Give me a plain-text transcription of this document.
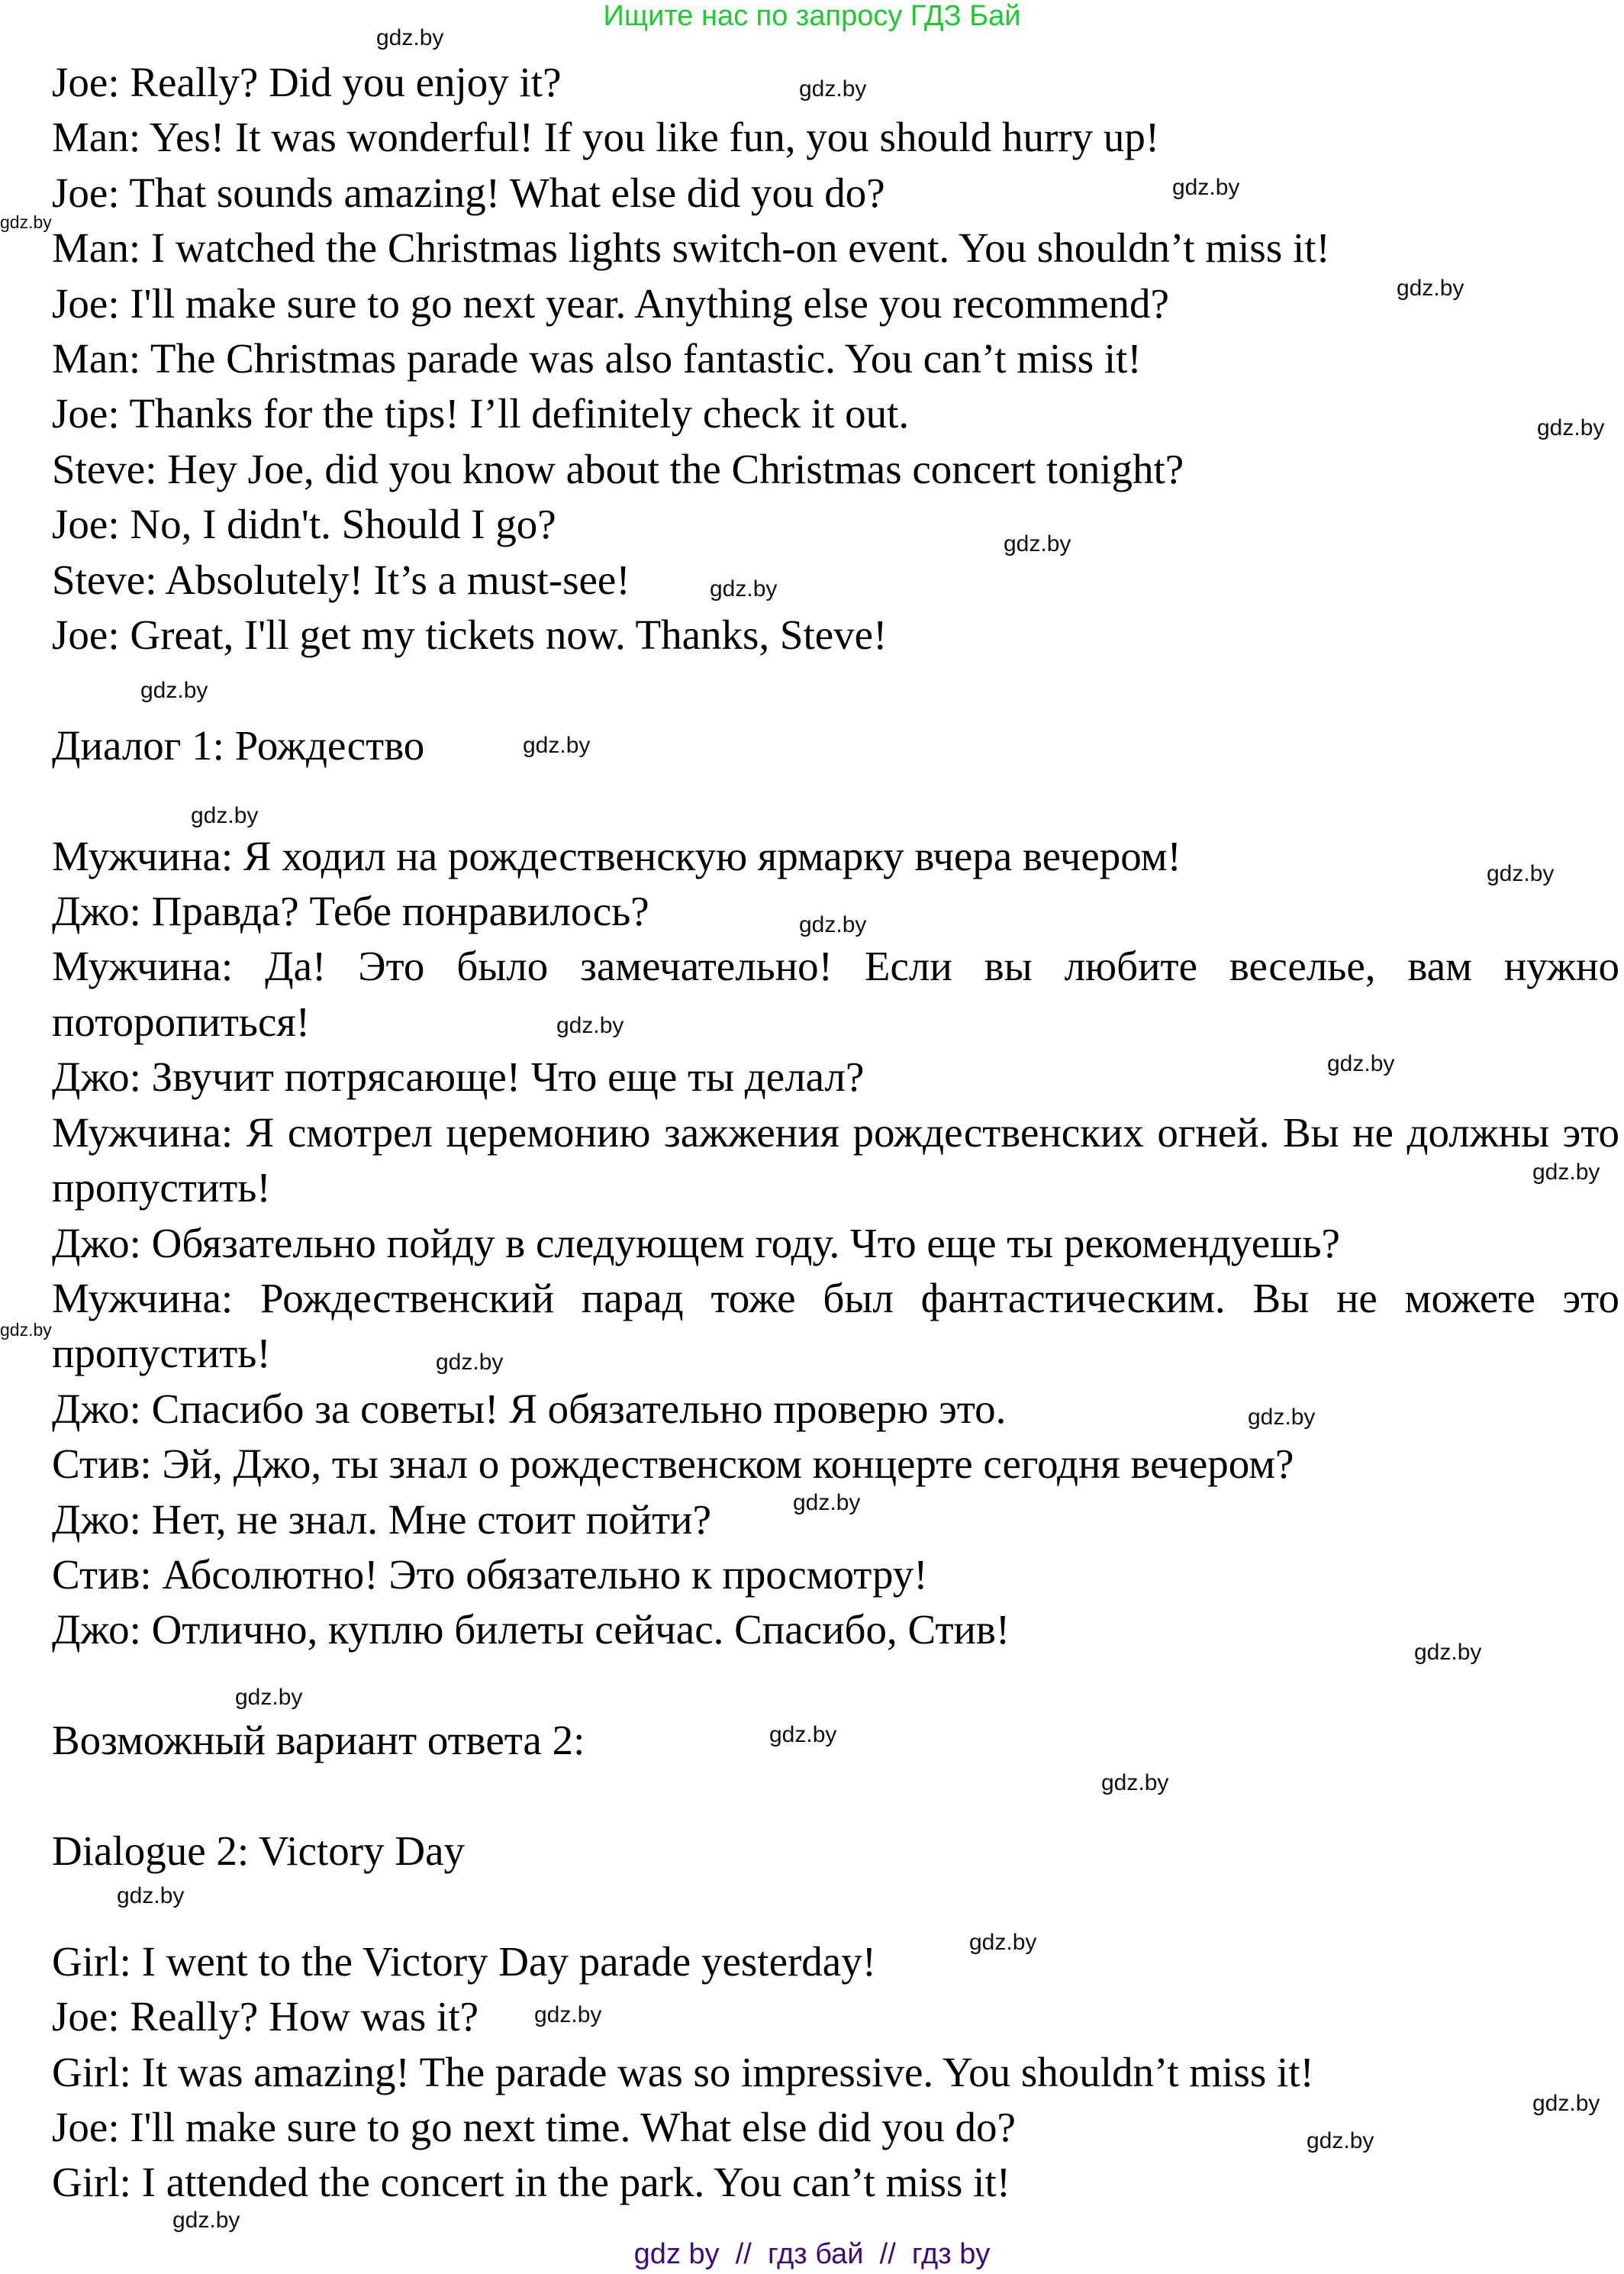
Ищите нас по запросу ГДЗ Бай

Joe: Really? Did you enjoy it?

Man: Yes! It was wonderful! If you like fun, you should hurry up!

Joe: That sounds amazing! What else did you do?

Man: I watched the Christmas lights switch-on event. You shouldn’t miss it!

Joe: I'll make sure to go next year. Anything else you recommend?

Man: The Christmas parade was also fantastic. You can’t miss it!

Joe: Thanks for the tips! I’ll definitely check it out.

Steve: Hey Joe, did you know about the Christmas concert tonight?

Joe: No, I didn't. Should I go?

Steve: Absolutely! It’s a must-see!

Joe: Great, I'll get my tickets now. Thanks, Steve!

Диалог 1: Рождество

Мужчина: Я ходил на рождественскую ярмарку вчера вечером!

Джо: Правда? Тебе понравилось?

Мужчина: Да! Это было замечательно! Если вы любите веселье, вам нужно поторопиться!

Джо: Звучит потрясающе! Что еще ты делал?

Мужчина: Я смотрел церемонию зажжения рождественских огней. Вы не должны это пропустить!

Джо: Обязательно пойду в следующем году. Что еще ты рекомендуешь?

Мужчина: Рождественский парад тоже был фантастическим. Вы не можете это пропустить!

Джо: Спасибо за советы! Я обязательно проверю это.

Стив: Эй, Джо, ты знал о рождественском концерте сегодня вечером?

Джо: Нет, не знал. Мне стоит пойти?

Стив: Абсолютно! Это обязательно к просмотру!

Джо: Отлично, куплю билеты сейчас. Спасибо, Стив!

Возможный вариант ответа 2:

Dialogue 2: Victory Day

Girl: I went to the Victory Day parade yesterday!

Joe: Really? How was it?

Girl: It was amazing! The parade was so impressive. You shouldn’t miss it!

Joe: I'll make sure to go next time. What else did you do?

Girl: I attended the concert in the park. You can’t miss it!

gdz.by
gdz.by
gdz.by
gdz.by
gdz.by
gdz.by
gdz.by
gdz.by
gdz.by
gdz.by
gdz.by
gdz.by
gdz.by
gdz.by
gdz.by
gdz.by
gdz.by
gdz.by
gdz.by
gdz.by
gdz.by
gdz.by
gdz.by
gdz.by
gdz.by
gdz.by
gdz.by
gdz.by
gdz.by
gdz.by
gdz by  //  гдз бай  //  гдз by
